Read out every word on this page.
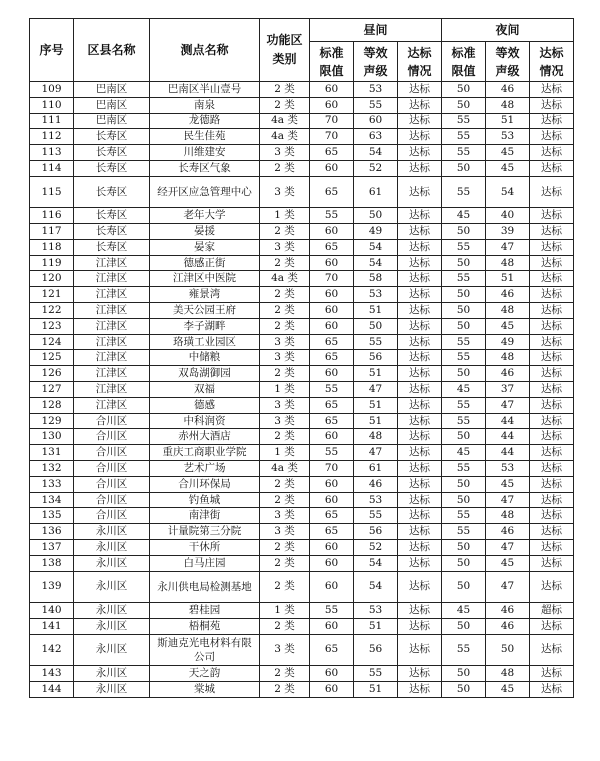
序号	区县名称	测点名称	功能区类别	昼间			夜间		

				标准限值	等效声级	达标情况	标准限值	等效声级	达标情况

109	巴南区	巴南区半山壹号	2 类	60	53	达标	50	46	达标
110	巴南区	南泉	2 类	60	55	达标	50	48	达标
111	巴南区	龙德路	4a 类	70	60	达标	55	51	达标
112	长寿区	民生佳苑	4a 类	70	63	达标	55	53	达标
113	长寿区	川维建安	3 类	65	54	达标	55	45	达标
114	长寿区	长寿区气象	2 类	60	52	达标	50	45	达标
115	长寿区	经开区应急管理中心	3 类	65	61	达标	55	54	达标
116	长寿区	老年大学	1 类	55	50	达标	45	40	达标
117	长寿区	晏援	2 类	60	49	达标	50	39	达标
118	长寿区	晏家	3 类	65	54	达标	55	47	达标
119	江津区	德感正街	2 类	60	54	达标	50	48	达标
120	江津区	江津区中医院	4a 类	70	58	达标	55	51	达标
121	江津区	雍景湾	2 类	60	53	达标	50	46	达标
122	江津区	美天公园王府	2 类	60	51	达标	50	48	达标
123	江津区	李子湖畔	2 类	60	50	达标	50	45	达标
124	江津区	珞璜工业园区	3 类	65	55	达标	55	49	达标
125	江津区	中储粮	3 类	65	56	达标	55	48	达标
126	江津区	双岛湖御园	2 类	60	51	达标	50	46	达标
127	江津区	双福	1 类	55	47	达标	45	37	达标
128	江津区	德感	3 类	65	51	达标	55	47	达标
129	合川区	中科润资	3 类	65	51	达标	55	44	达标
130	合川区	赤州大酒店	2 类	60	48	达标	50	44	达标
131	合川区	重庆工商职业学院	1 类	55	47	达标	45	44	达标
132	合川区	艺术广场	4a 类	70	61	达标	55	53	达标
133	合川区	合川环保局	2 类	60	46	达标	50	45	达标
134	合川区	钓鱼城	2 类	60	53	达标	50	47	达标
135	合川区	南津街	3 类	65	55	达标	55	48	达标
136	永川区	计量院第三分院	3 类	65	56	达标	55	46	达标
137	永川区	干休所	2 类	60	52	达标	50	47	达标
138	永川区	白马庄园	2 类	60	54	达标	50	45	达标
139	永川区	永川供电局检测基地	2 类	60	54	达标	50	47	达标
140	永川区	碧桂园	1 类	55	53	达标	45	46	超标
141	永川区	梧桐苑	2 类	60	51	达标	50	46	达标
142	永川区	斯迪克光电材料有限公司	3 类	65	56	达标	55	50	达标
143	永川区	天之韵	2 类	60	55	达标	50	48	达标
144	永川区	棠城	2 类	60	51	达标	50	45	达标
